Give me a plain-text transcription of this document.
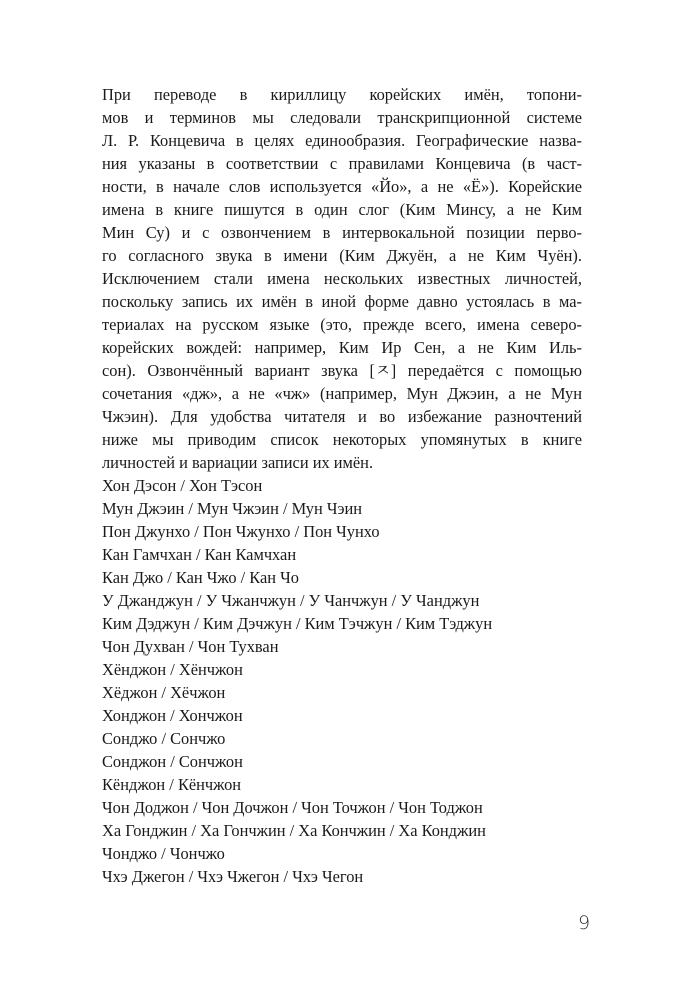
При переводе в кириллицу корейских имён, топони-
мов и терминов мы следовали транскрипционной системе
Л. Р. Концевича в целях единообразия. Географические назва-
ния указаны в соответствии с правилами Концевича (в част-
ности, в начале слов используется «Йо», а не «Ё»). Корейские
имена в книге пишутся в один слог (Ким Минсу, а не Ким
Мин Су) и с озвончением в интервокальной позиции перво-
го согласного звука в имени (Ким Джуён, а не Ким Чуён).
Исключением стали имена нескольких известных личностей,
поскольку запись их имён в иной форме давно устоялась в ма-
териалах на русском языке (это, прежде всего, имена северо-
корейских вождей: например, Ким Ир Сен, а не Ким Иль-
сон). Озвончённый вариант звука [ㅈ] передаётся с помощью
сочетания «дж», а не «чж» (например, Мун Джэин, а не Мун
Чжэин). Для удобства читателя и во избежание разночтений
ниже мы приводим список некоторых упомянутых в книге
личностей и вариации записи их имён.
Хон Дэсон / Хон Тэсон
Мун Джэин / Мун Чжэин / Мун Чэин
Пон Джунхо / Пон Чжунхо / Пон Чунхо
Кан Гамчхан / Кан Камчхан
Кан Джо / Кан Чжо / Кан Чо
У Джанджун / У Чжанчжун / У Чанчжун / У Чанджун
Ким Дэджун / Ким Дэчжун / Ким Тэчжун / Ким Тэджун
Чон Духван / Чон Тухван
Хёнджон / Хёнчжон
Хёджон / Хёчжон
Хонджон / Хончжон
Сонджо / Сончжо
Сонджон / Сончжон
Кёнджон / Кёнчжон
Чон Доджон / Чон Дочжон / Чон Точжон / Чон Тоджон
Ха Гонджин / Ха Гончжин / Ха Кончжин / Ха Конджин
Чонджо / Чончжо
Чхэ Джегон / Чхэ Чжегон / Чхэ Чегон
9
